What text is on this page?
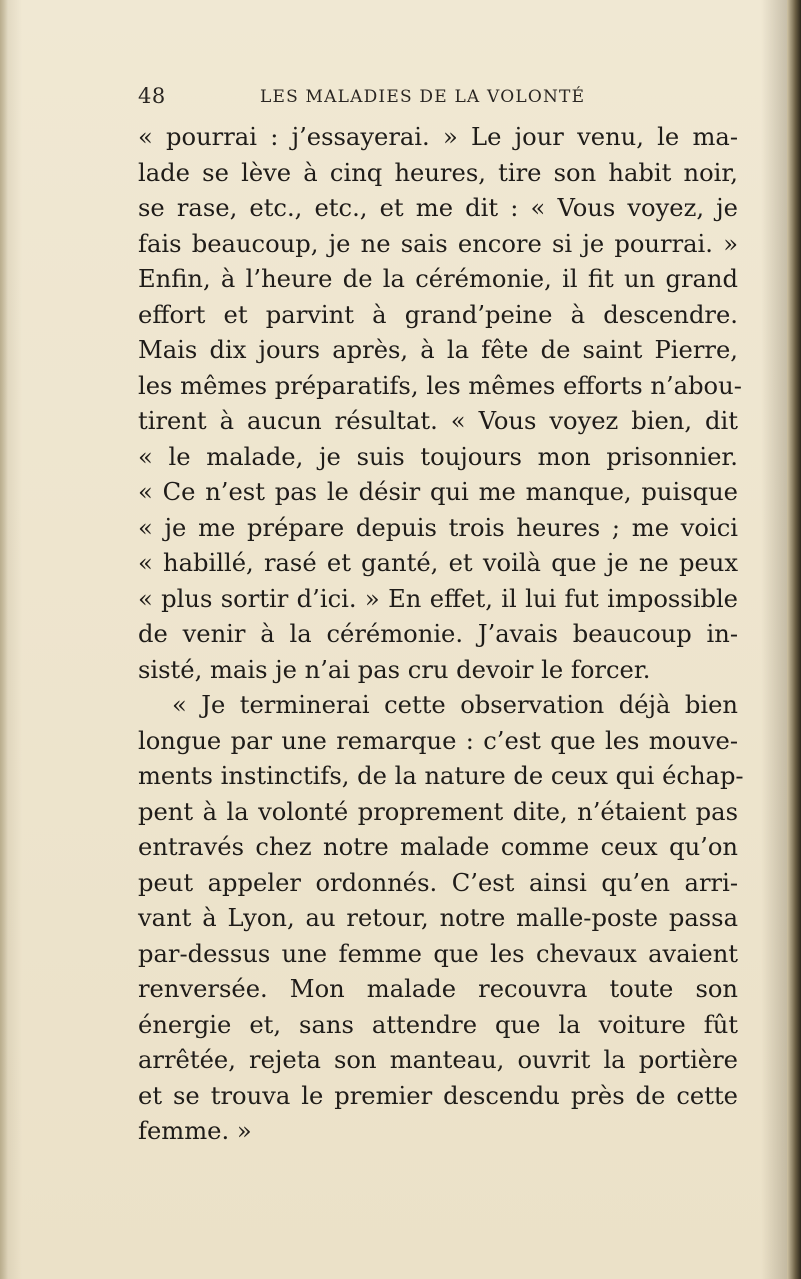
48	LES MALADIES DE LA VOLONTÉ
« pourrai : j’essayerai. » Le jour venu, le ma-
lade se lève à cinq heures, tire son habit noir,
se rase, etc., etc., et me dit : « Vous voyez, je
fais beaucoup, je ne sais encore si je pourrai. »
Enfin, à l’heure de la cérémonie, il fit un grand
effort et parvint à grand’peine à descendre.
Mais dix jours après, à la fête de saint Pierre,
les mêmes préparatifs, les mêmes efforts n’abou-
tirent à aucun résultat. « Vous voyez bien, dit
« le malade, je suis toujours mon prisonnier.
« Ce n’est pas le désir qui me manque, puisque
« je me prépare depuis trois heures ; me voici
« habillé, rasé et ganté, et voilà que je ne peux
« plus sortir d’ici. » En effet, il lui fut impossible
de venir à la cérémonie. J’avais beaucoup in-
sisté, mais je n’ai pas cru devoir le forcer.
« Je terminerai cette observation déjà bien
longue par une remarque : c’est que les mouve-
ments instinctifs, de la nature de ceux qui échap-
pent à la volonté proprement dite, n’étaient pas
entravés chez notre malade comme ceux qu’on
peut appeler ordonnés. C’est ainsi qu’en arri-
vant à Lyon, au retour, notre malle-poste passa
par-dessus une femme que les chevaux avaient
renversée. Mon malade recouvra toute son
énergie et, sans attendre que la voiture fût
arrêtée, rejeta son manteau, ouvrit la portière
et se trouva le premier descendu près de cette
femme. »
